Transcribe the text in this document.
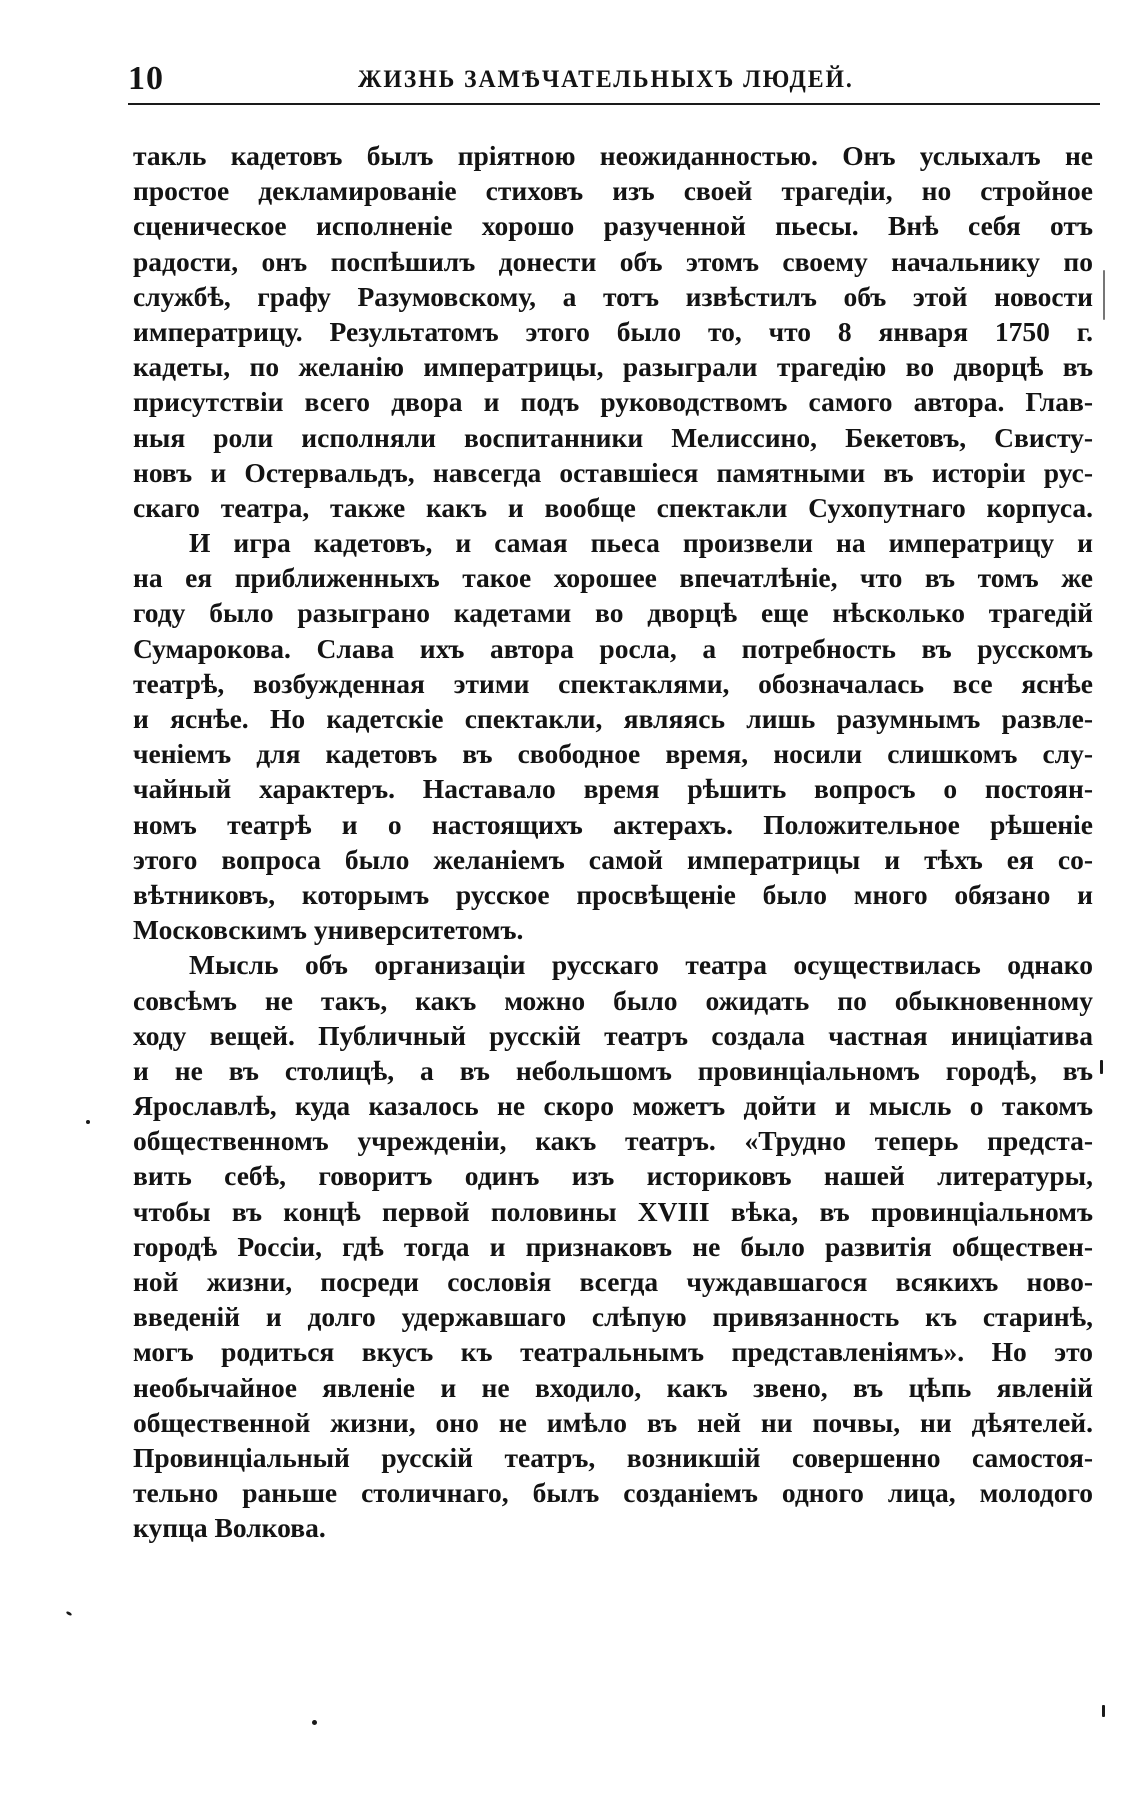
10	ЖИЗНЬ ЗАМѢЧАТЕЛЬНЫХЪ ЛЮДЕЙ.
такль кадетовъ былъ пріятною неожиданностью. Онъ услыхалъ не
простое декламированіе стиховъ изъ своей трагедіи, но стройное
сценическое исполненіе хорошо разученной пьесы. Внѣ себя отъ
радости, онъ поспѣшилъ донести объ этомъ своему начальнику по
службѣ, графу Разумовскому, а тотъ извѣстилъ объ этой новости
императрицу. Результатомъ этого было то, что 8 января 1750 г.
кадеты, по желанію императрицы, разыграли трагедію во дворцѣ въ
присутствіи всего двора и подъ руководствомъ самого автора. Глав-
ныя роли исполняли воспитанники Мелиссино, Бекетовъ, Свисту-
новъ и Остервальдъ, навсегда оставшіеся памятными въ исторіи рус-
скаго театра, также какъ и вообще спектакли Сухопутнаго корпуса.
И игра кадетовъ, и самая пьеса произвели на императрицу и
на ея приближенныхъ такое хорошее впечатлѣніе, что въ томъ же
году было разыграно кадетами во дворцѣ еще нѣсколько трагедій
Сумарокова. Слава ихъ автора росла, а потребность въ русскомъ
театрѣ, возбужденная этими спектаклями, обозначалась все яснѣе
и яснѣе. Но кадетскіе спектакли, являясь лишь разумнымъ развле-
ченіемъ для кадетовъ въ свободное время, носили слишкомъ слу-
чайный характеръ. Наставало время рѣшить вопросъ о постоян-
номъ театрѣ и о настоящихъ актерахъ. Положительное рѣшеніе
этого вопроса было желаніемъ самой императрицы и тѣхъ ея со-
вѣтниковъ, которымъ русское просвѣщеніе было много обязано и
Московскимъ университетомъ.
Мысль объ организаціи русскаго театра осуществилась однако
совсѣмъ не такъ, какъ можно было ожидать по обыкновенному
ходу вещей. Публичный русскій театръ создала частная иниціатива
и не въ столицѣ, а въ небольшомъ провинціальномъ городѣ, въ
Ярославлѣ, куда казалось не скоро можетъ дойти и мысль о такомъ
общественномъ учрежденіи, какъ театръ. «Трудно теперь предста-
вить себѣ, говоритъ одинъ изъ историковъ нашей литературы,
чтобы въ концѣ первой половины XVIII вѣка, въ провинціальномъ
городѣ Россіи, гдѣ тогда и признаковъ не было развитія обществен-
ной жизни, посреди сословія всегда чуждавшагося всякихъ ново-
введеній и долго удержавшаго слѣпую привязанность къ старинѣ,
могъ родиться вкусъ къ театральнымъ представленіямъ». Но это
необычайное явленіе и не входило, какъ звено, въ цѣпь явленій
общественной жизни, оно не имѣло въ ней ни почвы, ни дѣятелей.
Провинціальный русскій театръ, возникшій совершенно самостоя-
тельно раньше столичнаго, былъ созданіемъ одного лица, молодого
купца Волкова.
